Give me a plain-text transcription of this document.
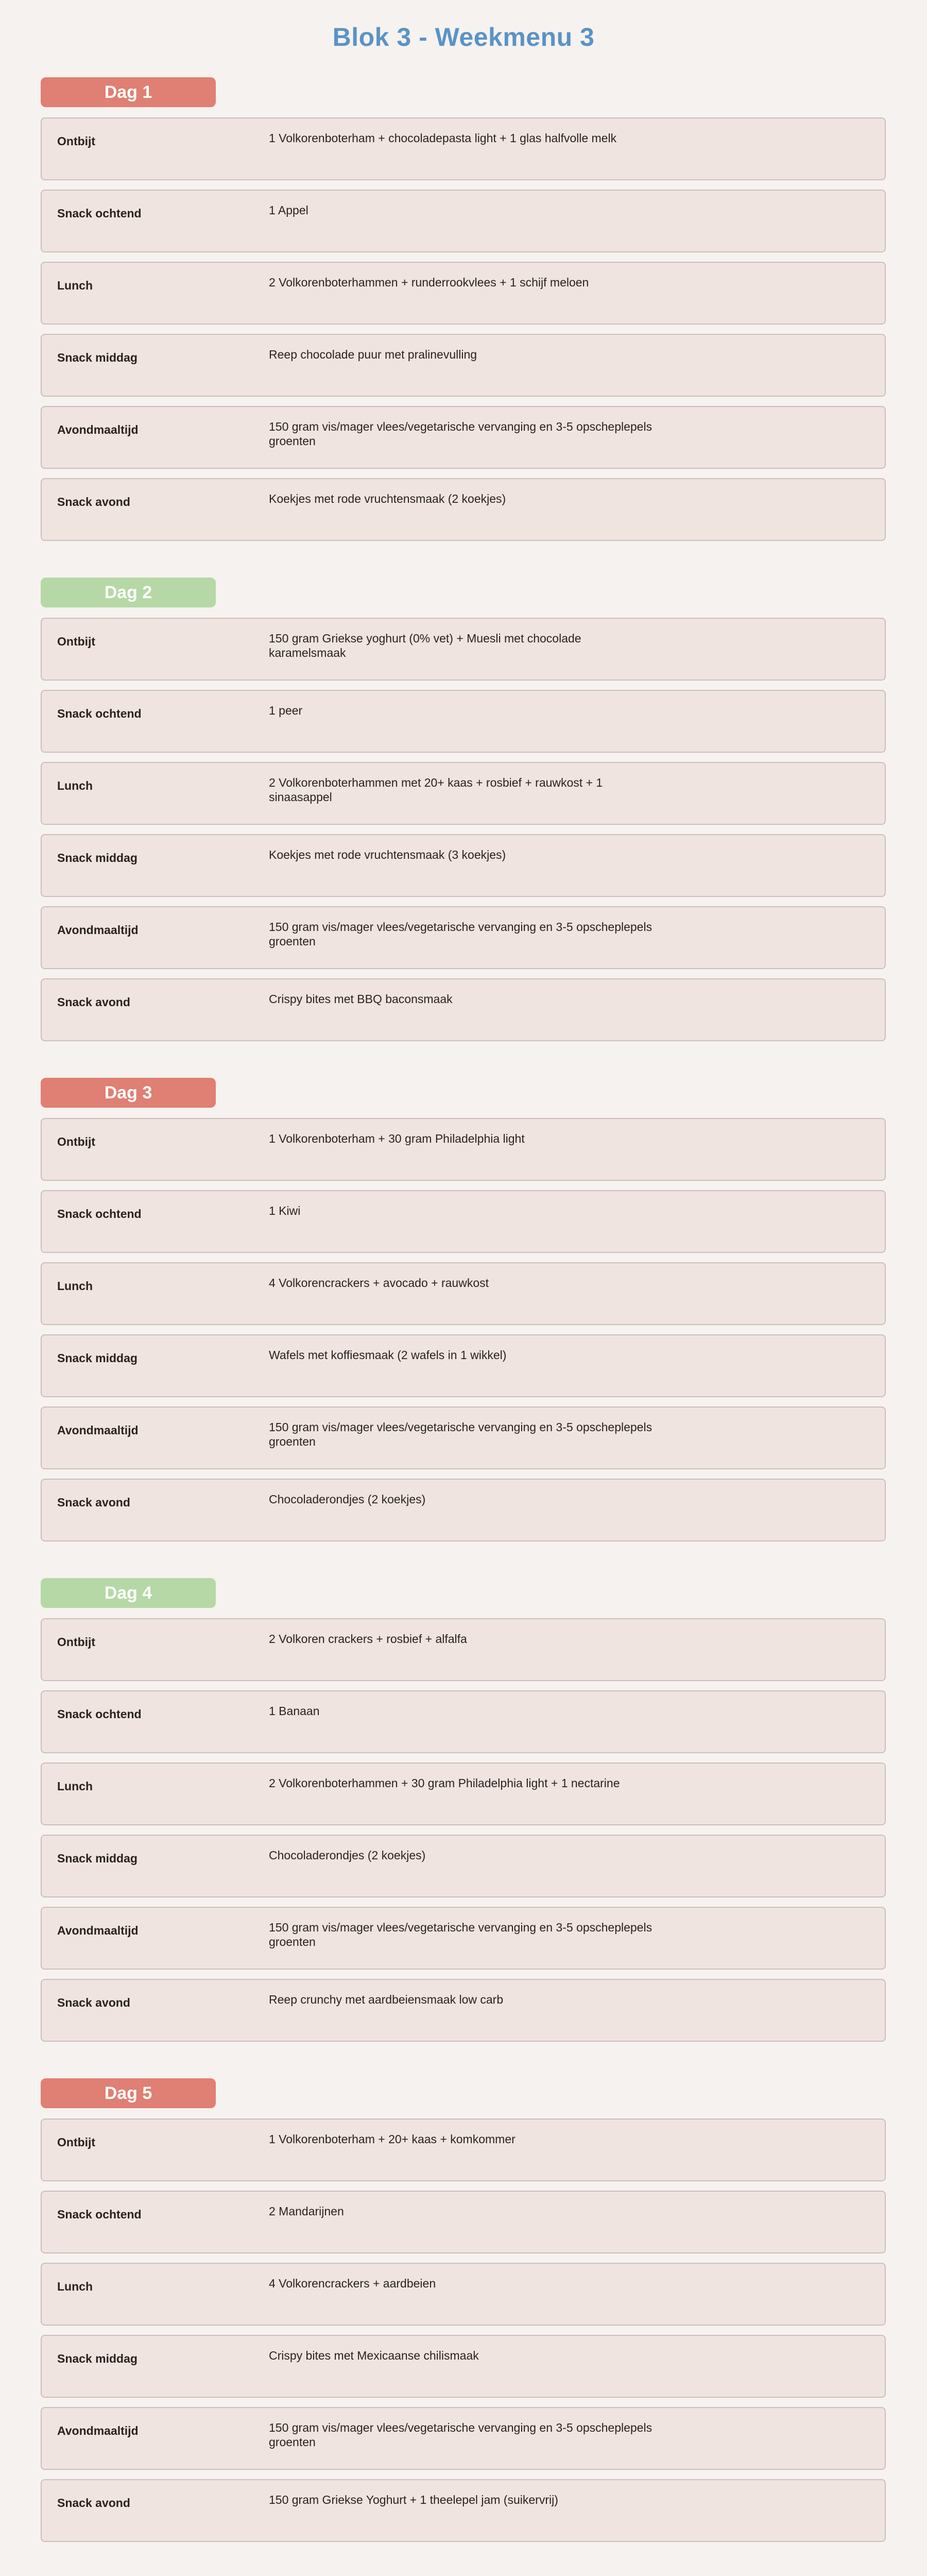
Blok 3 - Weekmenu 3
Dag 1
Ontbijt	1 Volkorenboterham + chocoladepasta light + 1 glas halfvolle melk
Snack ochtend	1 Appel
Lunch	2 Volkorenboterhammen + runderrookvlees + 1 schijf meloen
Snack middag	Reep chocolade puur met pralinevulling
Avondmaaltijd	150 gram vis/mager vlees/vegetarische vervanging en 3-5 opscheplepels groenten
Snack avond	Koekjes met rode vruchtensmaak (2 koekjes)
Dag 2
Ontbijt	150 gram Griekse yoghurt (0% vet) + Muesli met chocolade karamelsmaak
Snack ochtend	1 peer
Lunch	2 Volkorenboterhammen met 20+ kaas + rosbief + rauwkost + 1 sinaasappel
Snack middag	Koekjes met rode vruchtensmaak (3 koekjes)
Avondmaaltijd	150 gram vis/mager vlees/vegetarische vervanging en 3-5 opscheplepels groenten
Snack avond	Crispy bites met BBQ baconsmaak
Dag 3
Ontbijt	1 Volkorenboterham + 30 gram Philadelphia light
Snack ochtend	1 Kiwi
Lunch	4 Volkorencrackers + avocado + rauwkost
Snack middag	Wafels met koffiesmaak (2 wafels in 1 wikkel)
Avondmaaltijd	150 gram vis/mager vlees/vegetarische vervanging en 3-5 opscheplepels groenten
Snack avond	Chocoladerondjes (2 koekjes)
Dag 4
Ontbijt	2 Volkoren crackers + rosbief + alfalfa
Snack ochtend	1 Banaan
Lunch	2 Volkorenboterhammen + 30 gram Philadelphia light + 1 nectarine
Snack middag	Chocoladerondjes (2 koekjes)
Avondmaaltijd	150 gram vis/mager vlees/vegetarische vervanging en 3-5 opscheplepels groenten
Snack avond	Reep crunchy met aardbeiensmaak low carb
Dag 5
Ontbijt	1 Volkorenboterham + 20+ kaas + komkommer
Snack ochtend	2 Mandarijnen
Lunch	4 Volkorencrackers + aardbeien
Snack middag	Crispy bites met Mexicaanse chilismaak
Avondmaaltijd	150 gram vis/mager vlees/vegetarische vervanging en 3-5 opscheplepels groenten
Snack avond	150 gram Griekse Yoghurt + 1 theelepel jam (suikervrij)
